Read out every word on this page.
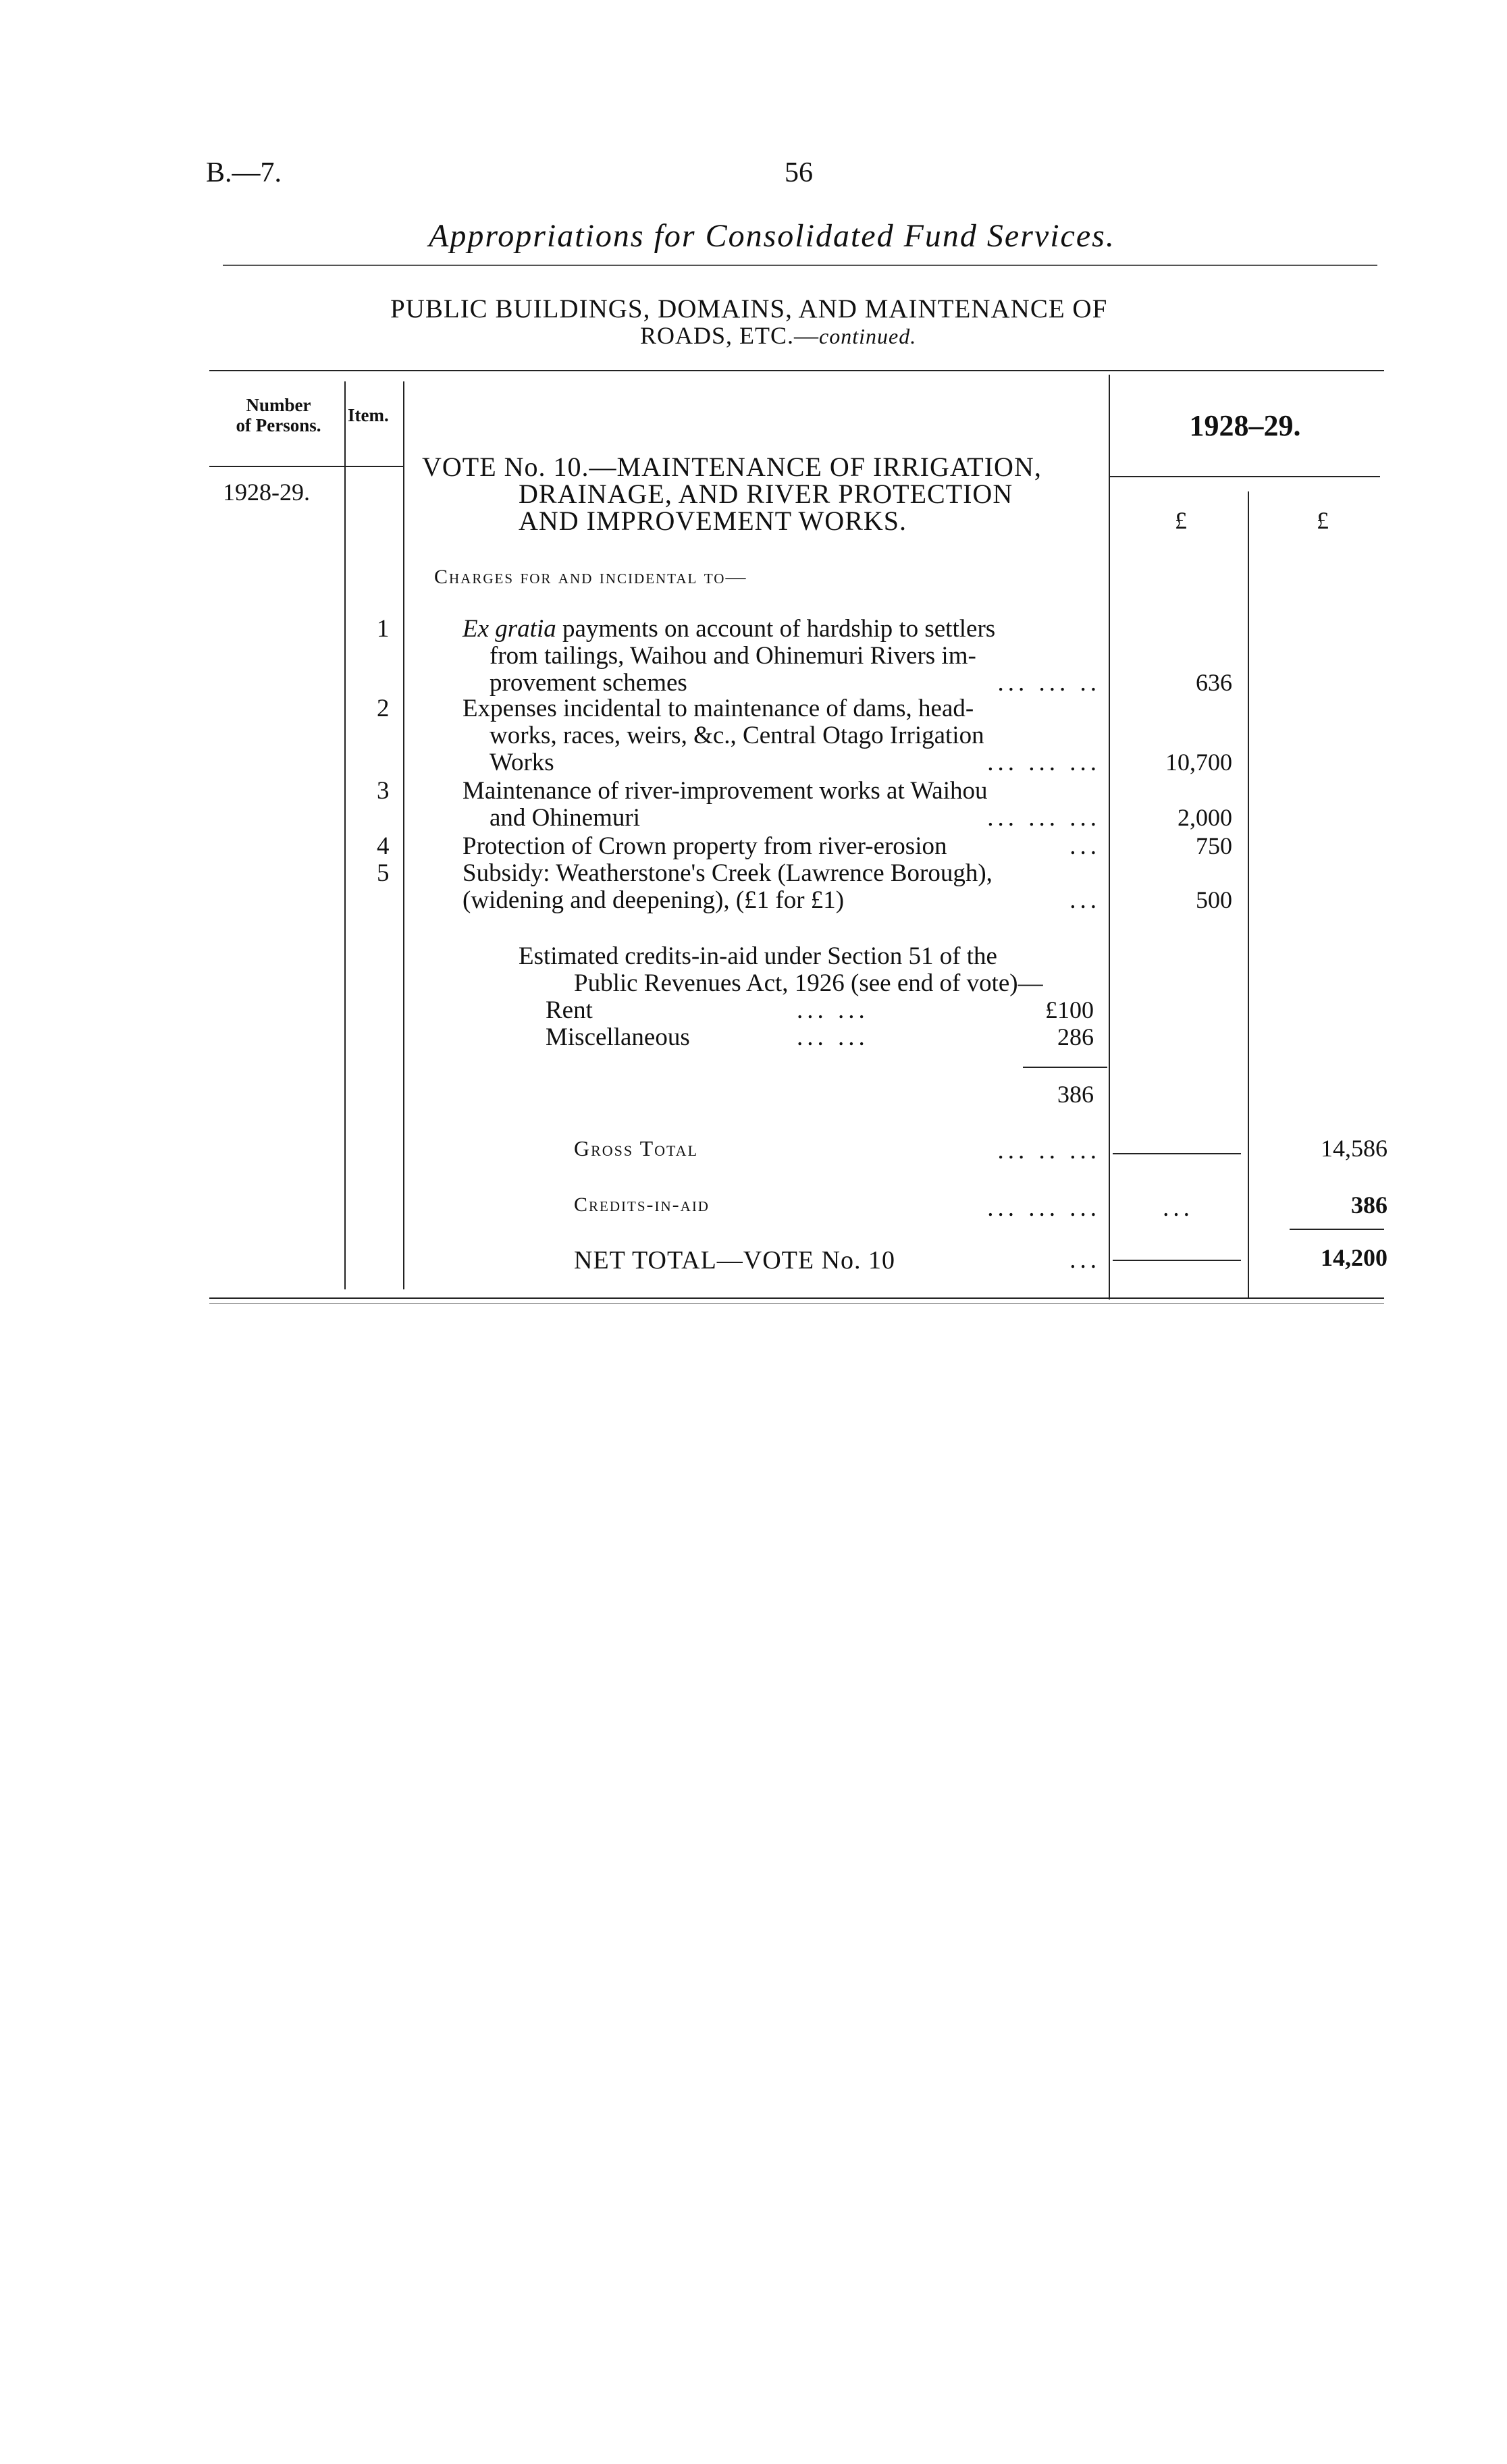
B.—7.	56
Appropriations for Consolidated Fund Services.
PUBLIC BUILDINGS, DOMAINS, AND MAINTENANCE OF
ROADS, ETC.—continued.
Number
of Persons.	Item.
1928-29.
1928–29.
£	£
VOTE No. 10.—MAINTENANCE OF IRRIGATION,
DRAINAGE, AND RIVER PROTECTION
AND IMPROVEMENT WORKS.
Charges for and incidental to—
1	Ex gratia payments on account of hardship to settlers
from tailings, Waihou and Ohinemuri Rivers im-
provement schemes	... ... ..	636
2	Expenses incidental to maintenance of dams, head-
works, races, weirs, &c., Central Otago Irrigation
Works	... ... ...	10,700
3	Maintenance of river-improvement works at Waihou
and Ohinemuri	... ... ...	2,000
4	Protection of Crown property from river-erosion	...	750
5	Subsidy: Weatherstone's Creek (Lawrence Borough),
(widening and deepening), (£1 for £1)	...	500
Estimated credits-in-aid under Section 51 of the
Public Revenues Act, 1926 (see end of vote)—
Rent	... ...	£100
Miscellaneous	... ...	286
386
Gross Total	... .. ...	14,586
Credits-in-aid	... ... ...	...	386
NET TOTAL—VOTE No. 10	...	14,200
